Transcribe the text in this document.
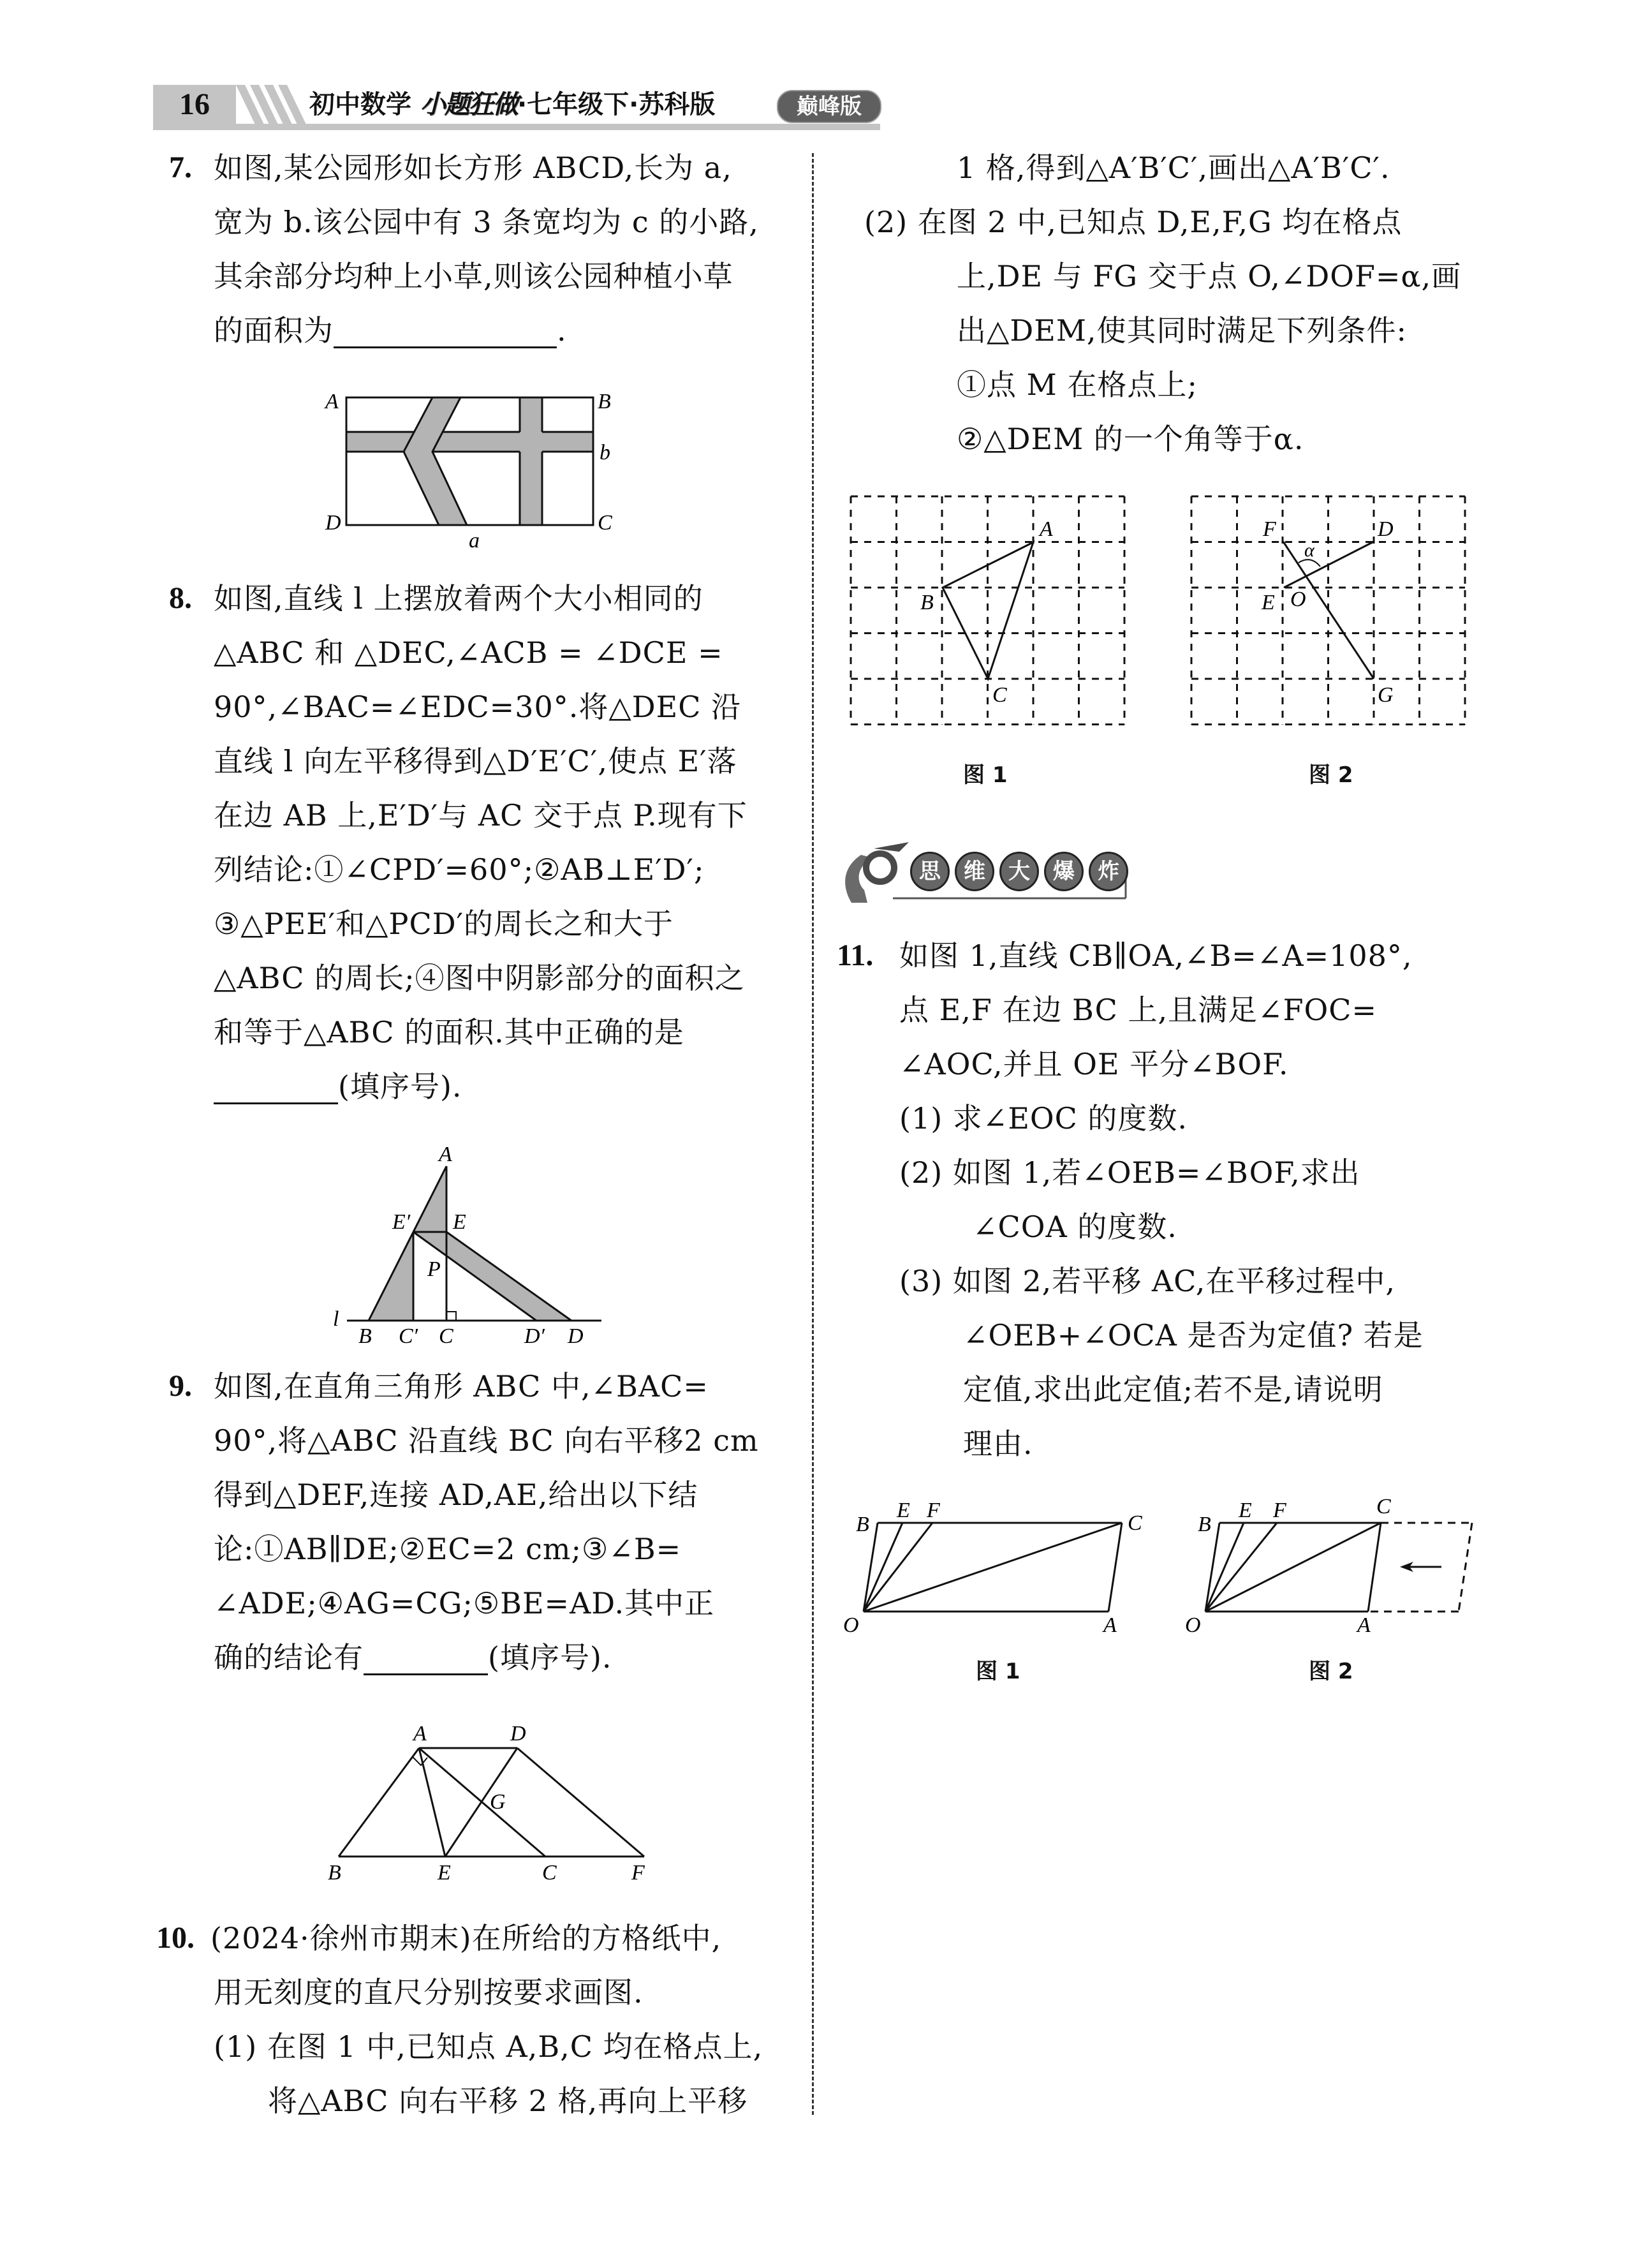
16	初中数学 小题狂做·七年级下·苏科版	巅峰版
7. 如图,某公园形如长方形 ABCD,长为 a,
宽为 b.该公园中有 3 条宽均为 c 的小路,
其余部分均种上小草,则该公园种植小草
的面积为	.
A	B
C
D
a
b
8. 如图,直线 l 上摆放着两个大小相同的
△ABC 和 △DEC,∠ACB = ∠DCE =
90°,∠BAC=∠EDC=30°.将△DEC 沿
直线 l 向左平移得到△D′E′C′,使点 E′落
在边 AB 上,E′D′与 AC 交于点 P.现有下
列结论:①∠CPD′=60°;②AB⊥E′D′;
③△PEE′和△PCD′的周长之和大于
△ABC 的周长;④图中阴影部分的面积之
和等于△ABC 的面积.其中正确的是
(填序号).
A
E′ E
P
l
B C′ C	D′ D
9. 如图,在直角三角形 ABC 中,∠BAC=
90°,将△ABC 沿直线 BC 向右平移2 cm
得到△DEF,连接 AD,AE,给出以下结
论:①AB∥DE;②EC=2 cm;③∠B=
∠ADE;④AG=CG;⑤BE=AD.其中正
确的结论有	(填序号).
A	D
G
B	E	C	F
10. (2024·徐州市期末)在所给的方格纸中,
用无刻度的直尺分别按要求画图.
(1) 在图 1 中,已知点 A,B,C 均在格点上,
将△ABC 向右平移 2 格,再向上平移
1 格,得到△A′B′C′,画出△A′B′C′.
(2) 在图 2 中,已知点 D,E,F,G 均在格点
上,DE 与 FG 交于点 O,∠DOF=α,画
出△DEM,使其同时满足下列条件:
①点 M 在格点上;
②△DEM 的一个角等于α.
A
B
C
图 1
F	D
α
E O
G
图 2
思	维	大	爆	炸
11. 如图 1,直线 CB∥OA,∠B=∠A=108°,
点 E,F 在边 BC 上,且满足∠FOC=
∠AOC,并且 OE 平分∠BOF.
(1) 求∠EOC 的度数.
(2) 如图 1,若∠OEB=∠BOF,求出
∠COA 的度数.
(3) 如图 2,若平移 AC,在平移过程中,
∠OEB+∠OCA 是否为定值? 若是
定值,求出此定值;若不是,请说明
理由.
B
E F
C
O	A
图 1
B
E F	C
O	A
图 2
